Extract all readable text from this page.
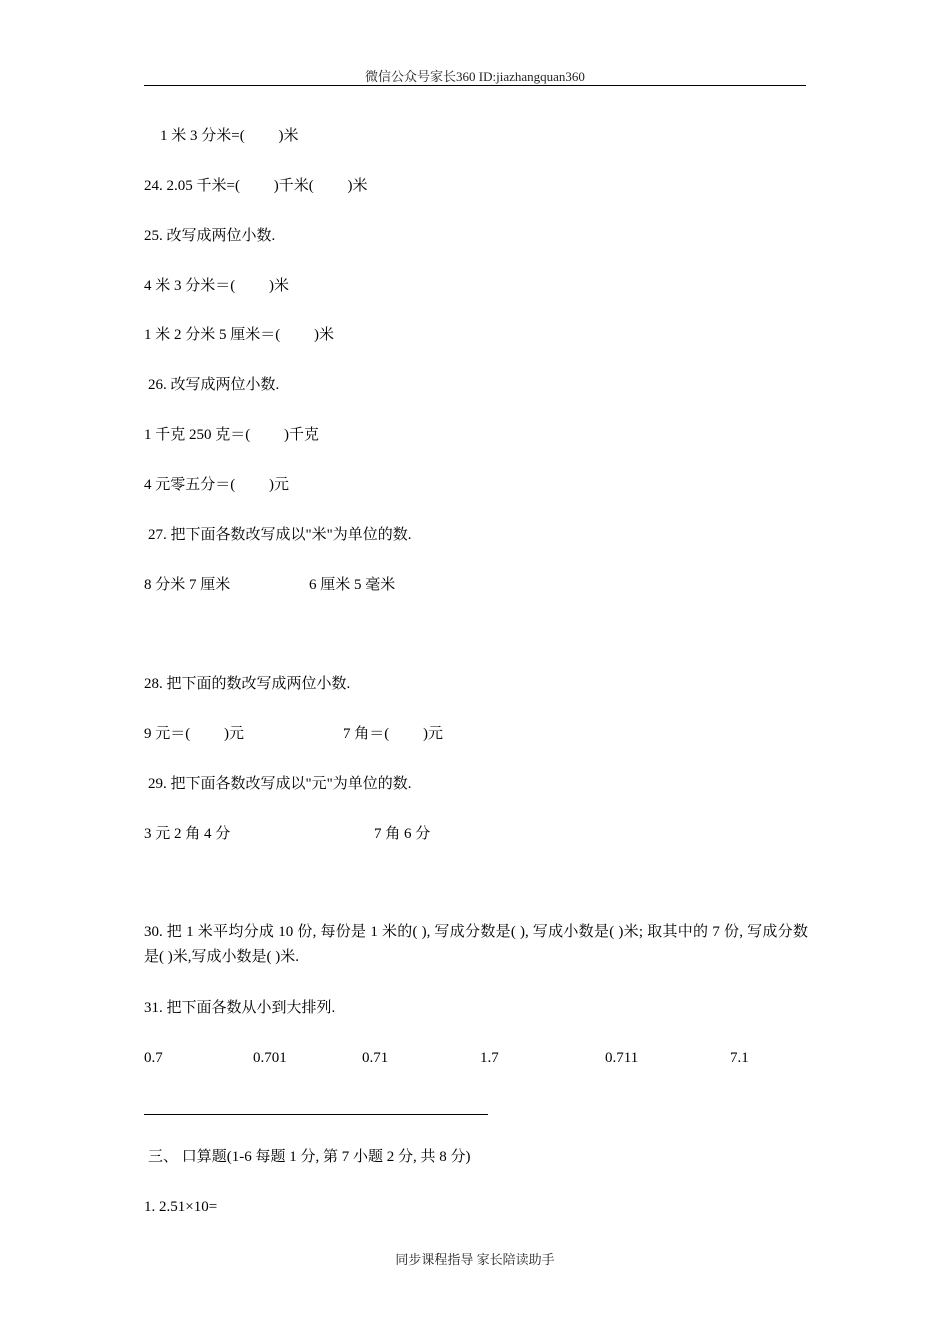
微信公众号家长360 ID:jiazhangquan360
1 米 3 分米=(         )米
24. 2.05 千米=(         )千米(         )米
25. 改写成两位小数.
4 米 3 分米＝(         )米
1 米 2 分米 5 厘米＝(         )米
26. 改写成两位小数.
1 千克 250 克＝(         )千克
4 元零五分＝(         )元
27. 把下面各数改写成以"米"为单位的数.
8 分米 7 厘米	6 厘米 5 毫米
28. 把下面的数改写成两位小数.
9 元＝(         )元	7 角＝(         )元
29. 把下面各数改写成以"元"为单位的数.
3 元 2 角 4 分	7 角 6 分
30. 把 1 米平均分成 10 份, 每份是 1 米的( ), 写成分数是( ), 写成小数是( )米; 取其中的 7 份, 写成分数是( )米,写成小数是( )米.
31. 把下面各数从小到大排列.
0.7	0.701	0.71	1.7	0.711	7.1
三、 口算题(1-6 每题 1 分, 第 7 小题 2 分, 共 8 分)
1. 2.51×10=
同步课程指导 家长陪读助手
